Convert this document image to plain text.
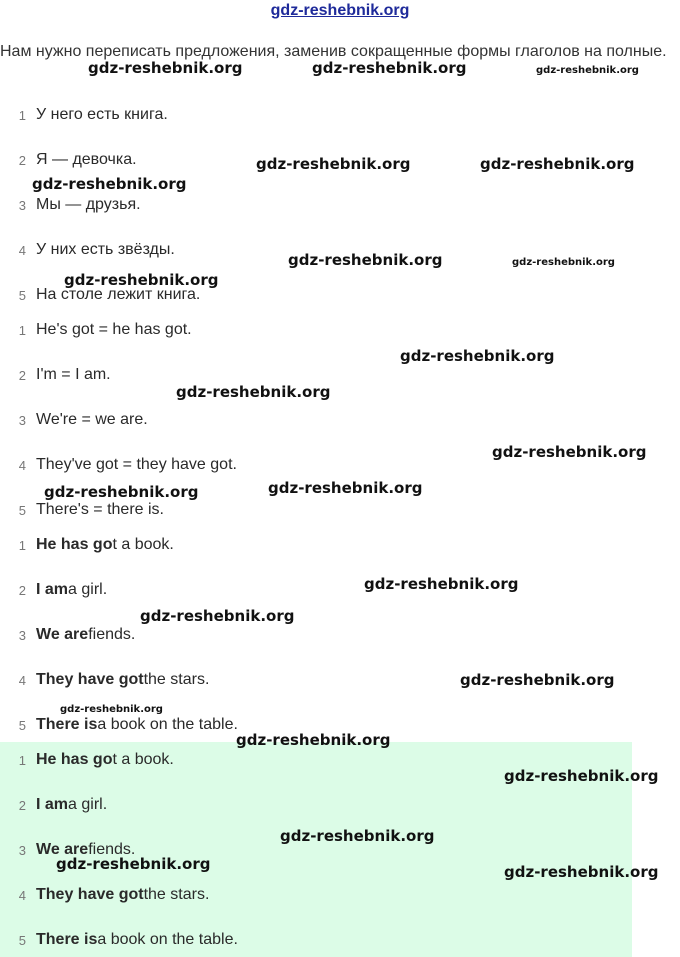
gdz-reshebnik.org
Нам нужно переписать предложения, заменив сокращенные формы глаголов на полные.
1 У него есть книга.
2 Я — девочка.
3 Мы — друзья.
4 У них есть звёзды.
5 На столе лежит книга.
1 He's got = he has got.
2 I'm = I am.
3 We're = we are.
4 They've got = they have got.
5 There's = there is.
1 He has go t a book.
2 I am a girl.
3 We are fiends.
4 They have got the stars.
5 There is a book on the table.
1 He has go t a book.
2 I am a girl.
3 We are fiends.
4 They have got the stars.
5 There is a book on the table.
gdz-reshebnik.org	gdz-reshebnik.org	gdz-reshebnik.org
gdz-reshebnik.org	gdz-reshebnik.org
gdz-reshebnik.org
gdz-reshebnik.org	gdz-reshebnik.org
gdz-reshebnik.org
gdz-reshebnik.org
gdz-reshebnik.org
gdz-reshebnik.org
gdz-reshebnik.org
gdz-reshebnik.org
gdz-reshebnik.org
gdz-reshebnik.org
gdz-reshebnik.org
gdz-reshebnik.org
gdz-reshebnik.org
gdz-reshebnik.org
gdz-reshebnik.org
gdz-reshebnik.org	gdz-reshebnik.org
